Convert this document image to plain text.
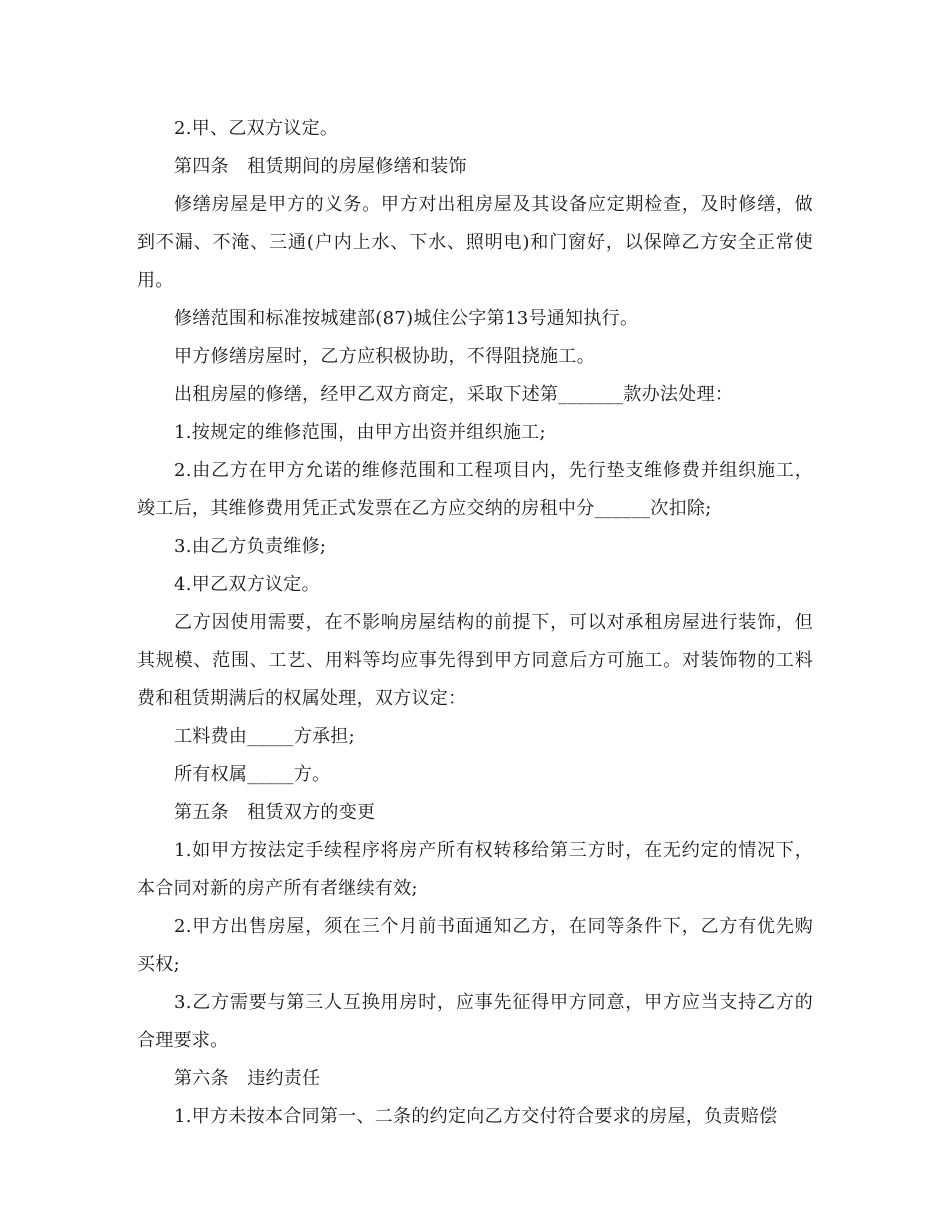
2.甲、乙双方议定。

第四条　租赁期间的房屋修缮和装饰

修缮房屋是甲方的义务。甲方对出租房屋及其设备应定期检查，及时修缮，做到不漏、不淹、三通(户内上水、下水、照明电)和门窗好，以保障乙方安全正常使用。

修缮范围和标准按城建部(87)城住公字第13号通知执行。

甲方修缮房屋时，乙方应积极协助，不得阻挠施工。

出租房屋的修缮，经甲乙双方商定，采取下述第_______款办法处理：

1.按规定的维修范围，由甲方出资并组织施工;

2.由乙方在甲方允诺的维修范围和工程项目内，先行垫支维修费并组织施工，竣工后，其维修费用凭正式发票在乙方应交纳的房租中分______次扣除;

3.由乙方负责维修;

4.甲乙双方议定。

乙方因使用需要，在不影响房屋结构的前提下，可以对承租房屋进行装饰，但其规模、范围、工艺、用料等均应事先得到甲方同意后方可施工。对装饰物的工料费和租赁期满后的权属处理，双方议定：

工料费由_____方承担;

所有权属_____方。

第五条　租赁双方的变更

1.如甲方按法定手续程序将房产所有权转移给第三方时，在无约定的情况下，本合同对新的房产所有者继续有效;

2.甲方出售房屋，须在三个月前书面通知乙方，在同等条件下，乙方有优先购买权;

3.乙方需要与第三人互换用房时，应事先征得甲方同意，甲方应当支持乙方的合理要求。

第六条　违约责任

1.甲方未按本合同第一、二条的约定向乙方交付符合要求的房屋，负责赔偿
